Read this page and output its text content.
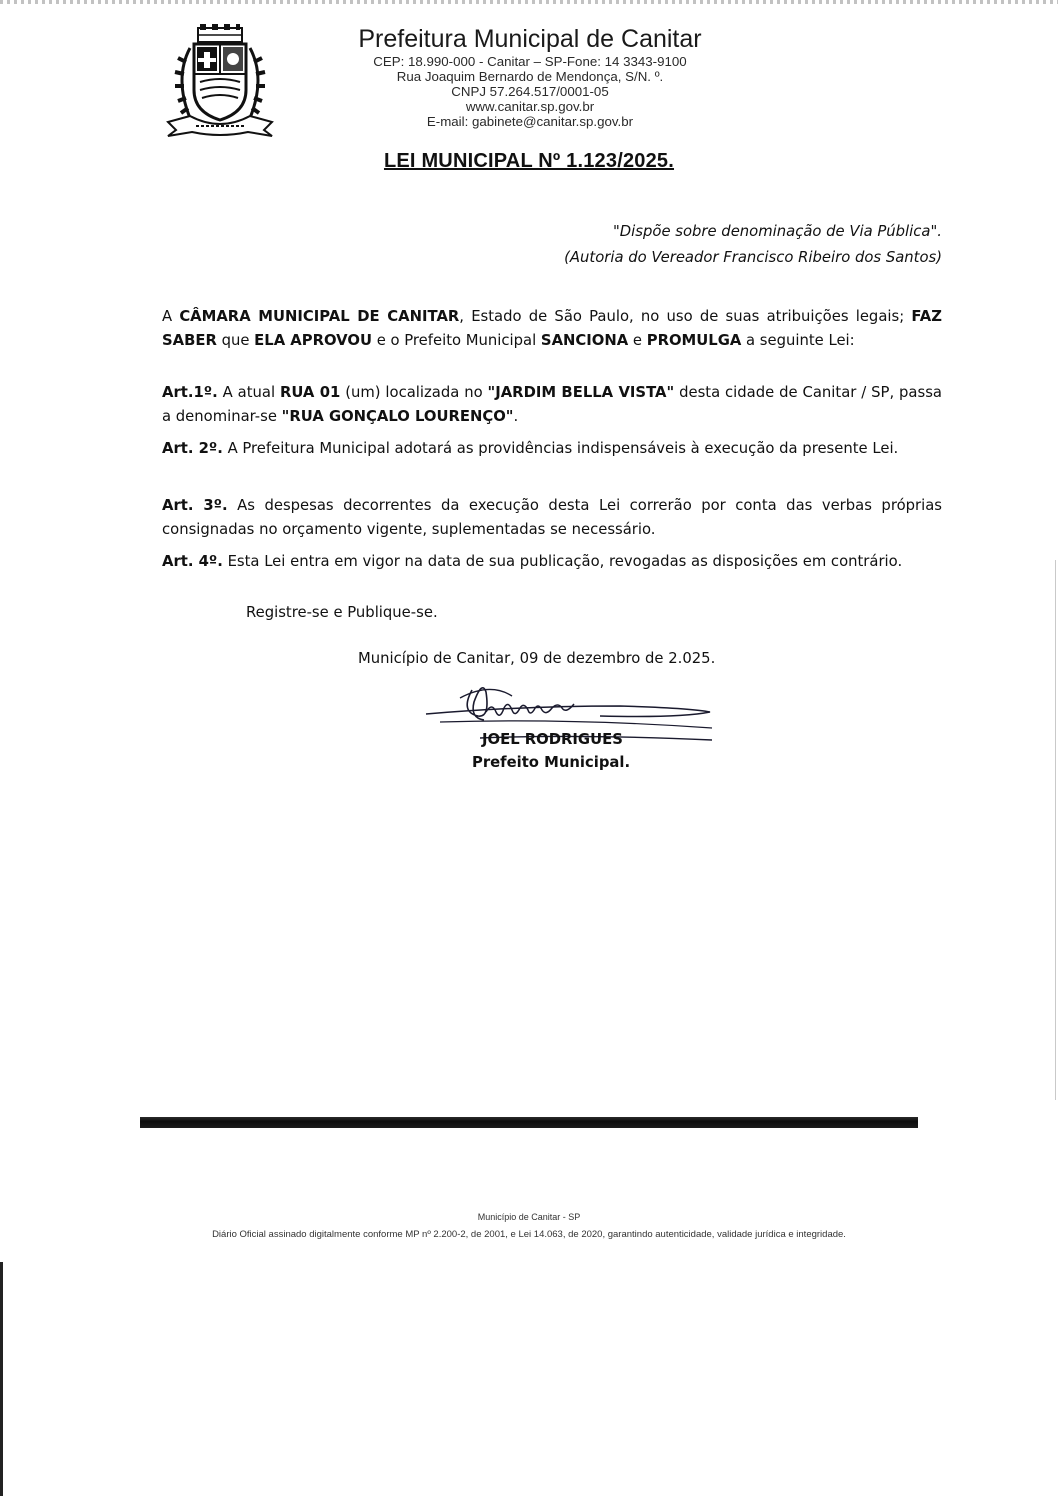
Prefeitura Municipal de Canitar
CEP: 18.990-000 - Canitar – SP-Fone: 14 3343-9100
Rua Joaquim Bernardo de Mendonça, S/N. º.
CNPJ 57.264.517/0001-05
www.canitar.sp.gov.br
E-mail: gabinete@canitar.sp.gov.br
LEI MUNICIPAL Nº 1.123/2025.
"Dispõe sobre denominação de Via Pública".
(Autoria do Vereador Francisco Ribeiro dos Santos)
A CÂMARA MUNICIPAL DE CANITAR, Estado de São Paulo, no uso de suas atribuições legais; FAZ SABER que ELA APROVOU e o Prefeito Municipal SANCIONA e PROMULGA a seguinte Lei:
Art.1º. A atual RUA 01 (um) localizada no "JARDIM BELLA VISTA" desta cidade de Canitar / SP, passa a denominar-se "RUA GONÇALO LOURENÇO".
Art. 2º. A Prefeitura Municipal adotará as providências indispensáveis à execução da presente Lei.
Art. 3º. As despesas decorrentes da execução desta Lei correrão por conta das verbas próprias consignadas no orçamento vigente, suplementadas se necessário.
Art. 4º. Esta Lei entra em vigor na data de sua publicação, revogadas as disposições em contrário.
Registre-se e Publique-se.
Município de Canitar, 09 de dezembro de 2.025.
JOEL RODRIGUES
Prefeito Municipal.
Município de Canitar - SP
Diário Oficial assinado digitalmente conforme MP nº 2.200-2, de 2001, e Lei 14.063, de 2020, garantindo autenticidade, validade jurídica e integridade.
